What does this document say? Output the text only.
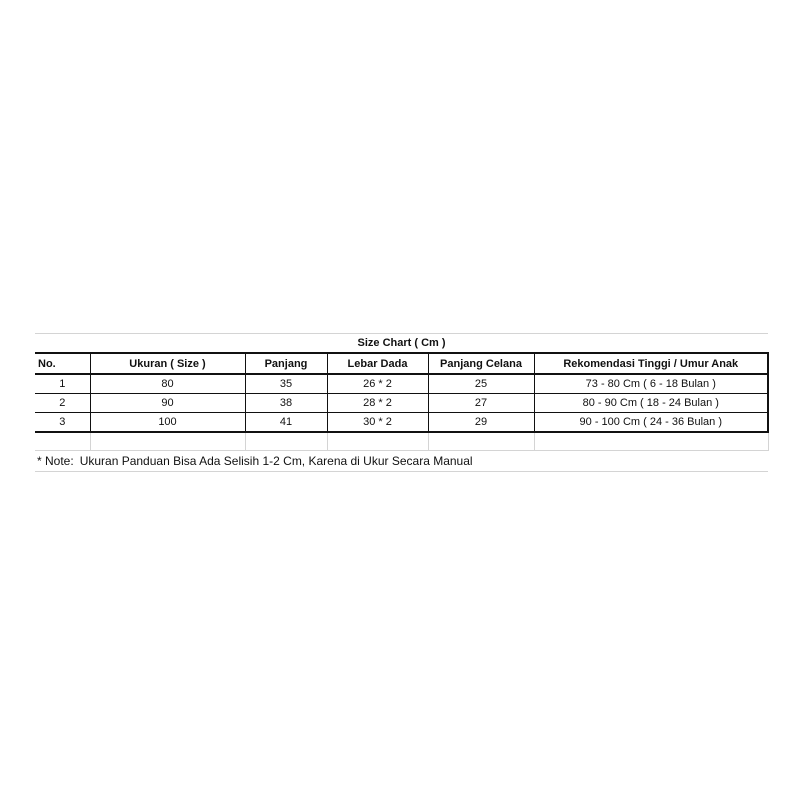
Size Chart ( Cm )					
No.	Ukuran ( Size )	Panjang	Lebar Dada	Panjang Celana	Rekomendasi Tinggi / Umur Anak
1	80	35	26 * 2	25	73 - 80 Cm ( 6 - 18 Bulan )
2	90	38	28 * 2	27	80 - 90 Cm ( 18 - 24 Bulan )
3	100	41	30 * 2	29	90 - 100 Cm ( 24 - 36 Bulan )

* Note: Ukuran Panduan Bisa Ada Selisih 1-2 Cm, Karena di Ukur Secara Manual
